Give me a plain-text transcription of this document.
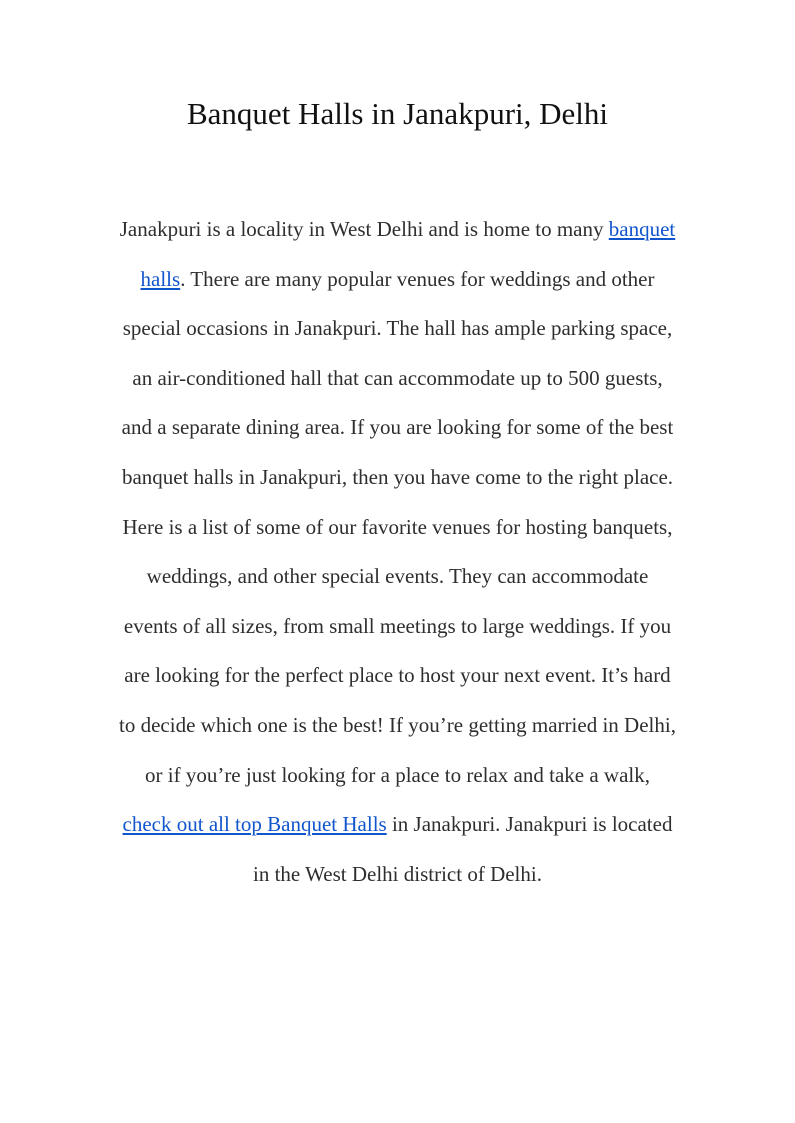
Banquet Halls in Janakpuri, Delhi

Janakpuri is a locality in West Delhi and is home to many banquet halls. There are many popular venues for weddings and other special occasions in Janakpuri. The hall has ample parking space, an air-conditioned hall that can accommodate up to 500 guests, and a separate dining area. If you are looking for some of the best banquet halls in Janakpuri, then you have come to the right place. Here is a list of some of our favorite venues for hosting banquets, weddings, and other special events. They can accommodate events of all sizes, from small meetings to large weddings. If you are looking for the perfect place to host your next event. It’s hard to decide which one is the best! If you’re getting married in Delhi, or if you’re just looking for a place to relax and take a walk, check out all top Banquet Halls in Janakpuri. Janakpuri is located in the West Delhi district of Delhi.
